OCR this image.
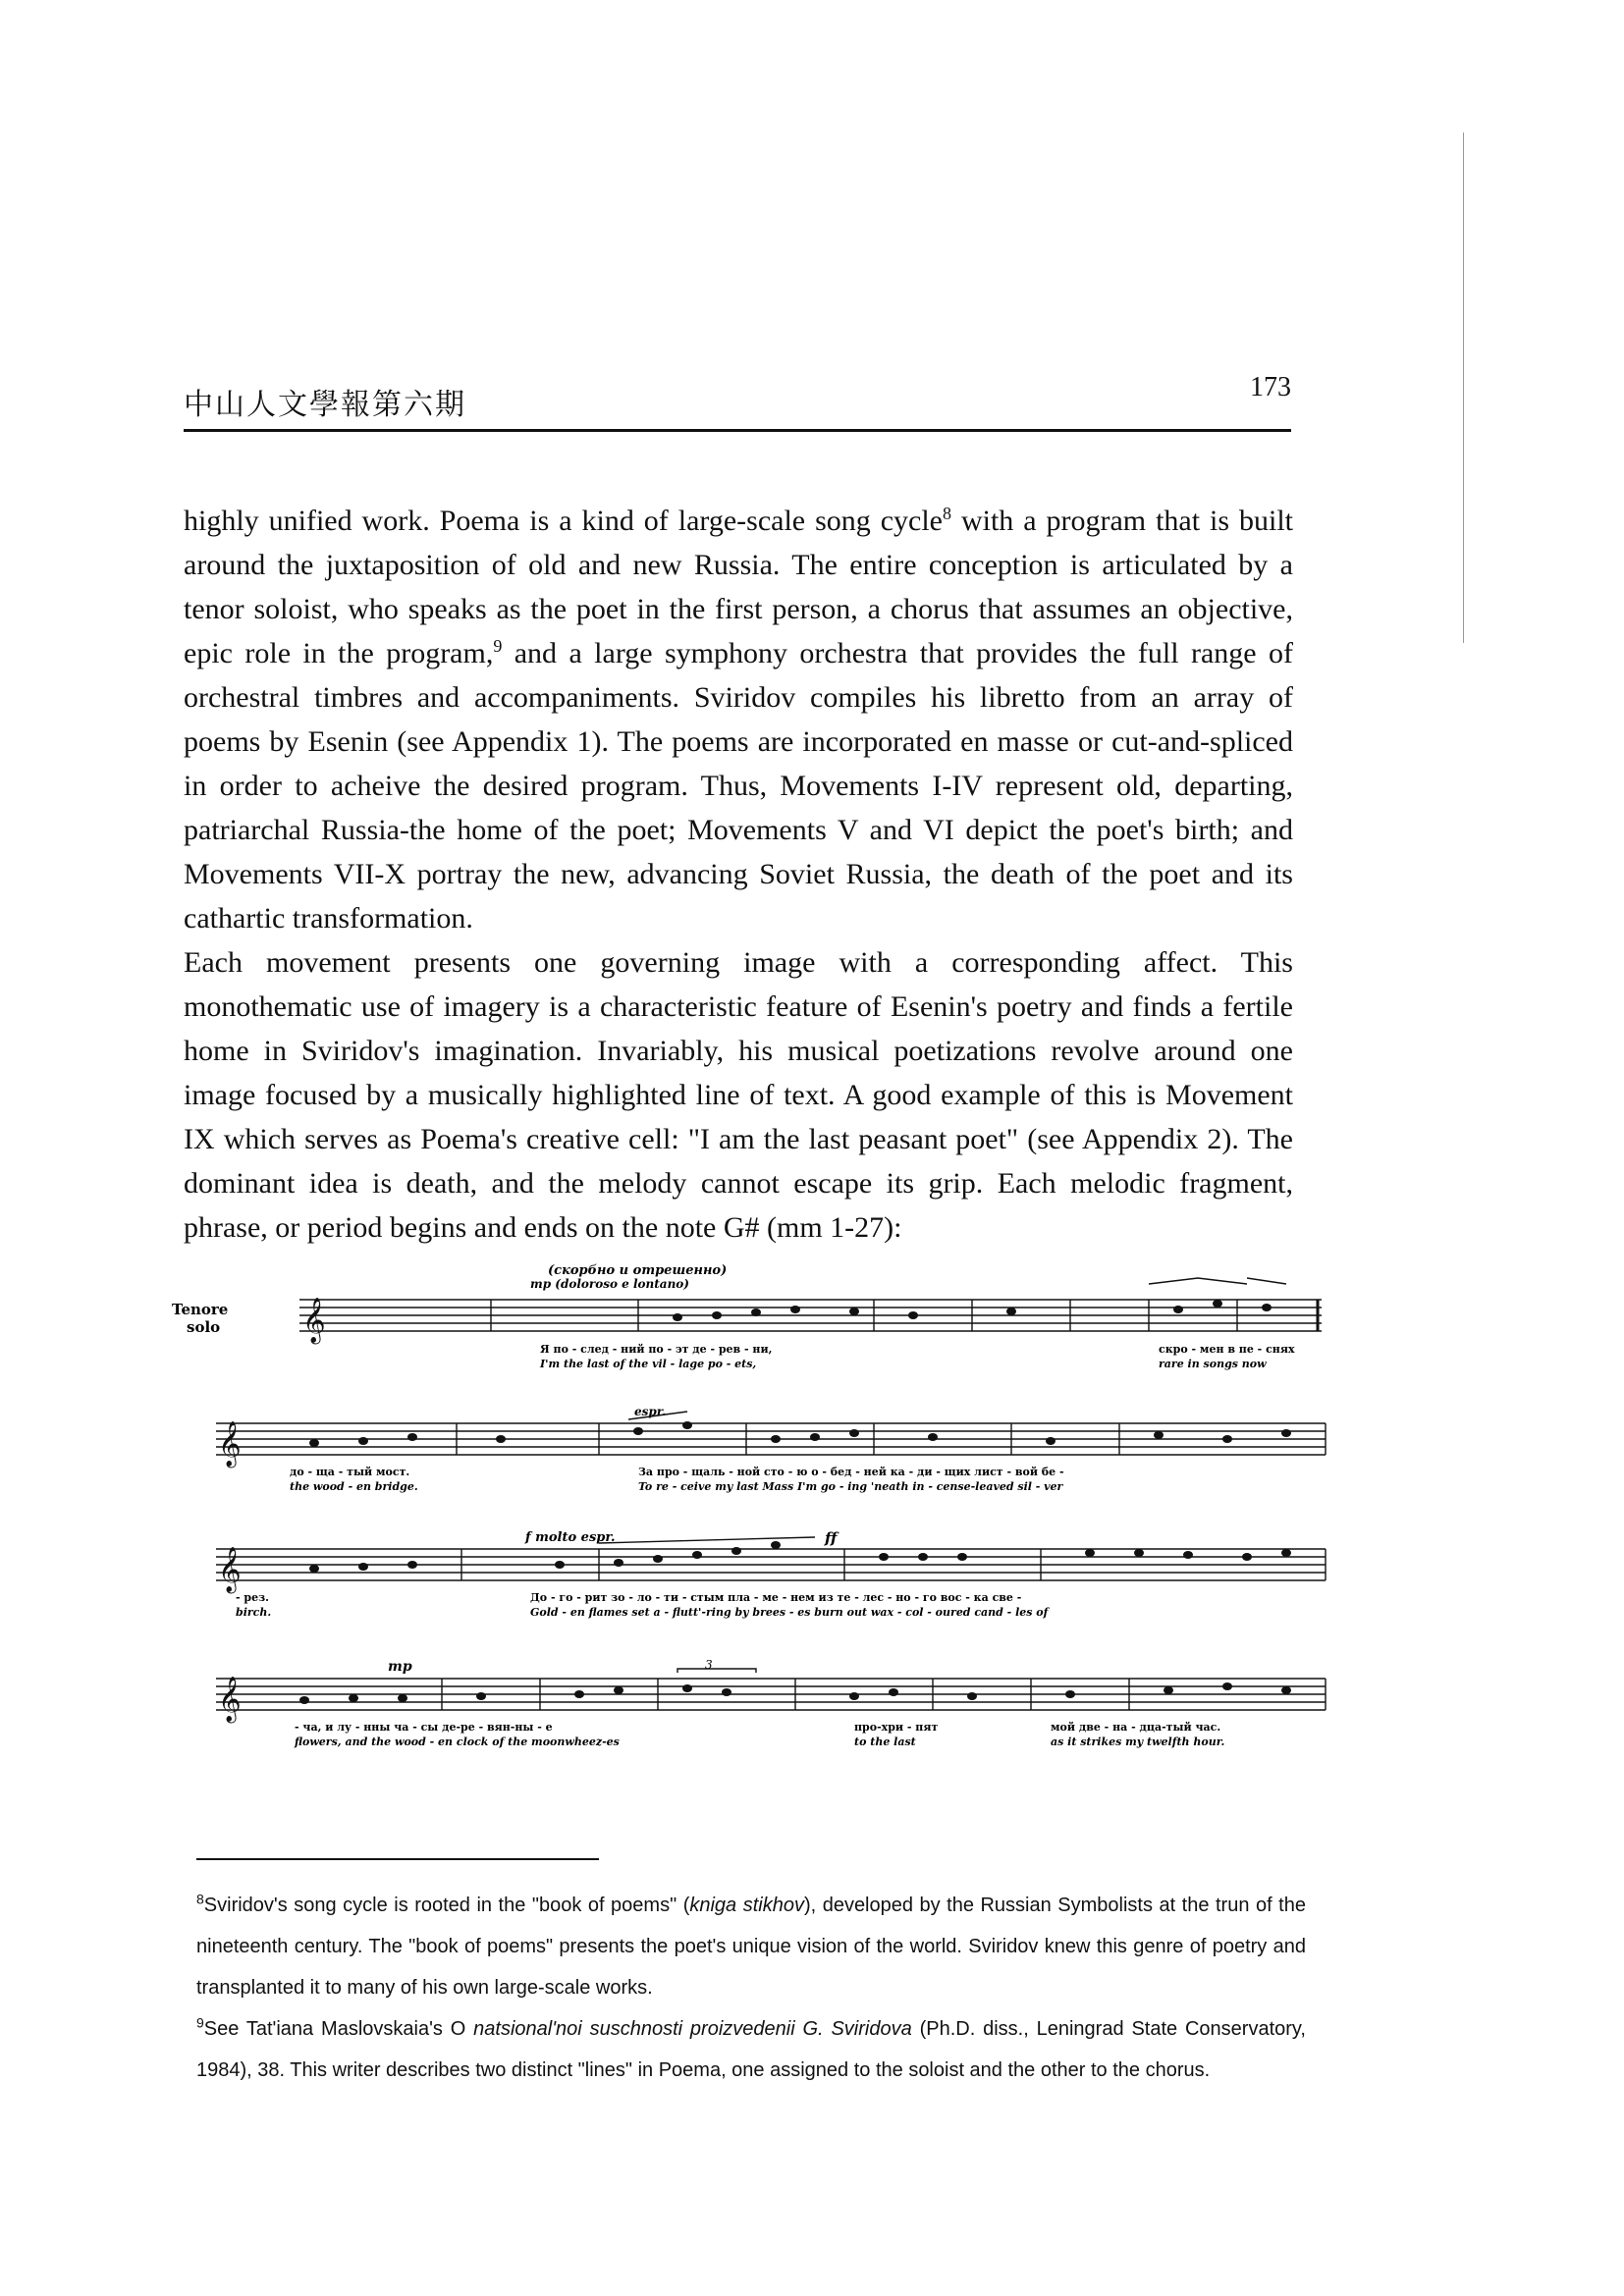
中山人文學報第六期
173

highly unified work. Poema is a kind of large-scale song cycle$^8$ with a program that is built around the juxtaposition of old and new Russia. The entire conception is articulated by a tenor soloist, who speaks as the poet in the first person, a chorus that assumes an objective, epic role in the program,$^9$ and a large symphony orchestra that provides the full range of orchestral timbres and accompaniments. Sviridov compiles his libretto from an array of poems by Esenin (see Appendix 1). The poems are incorporated en masse or cut-and-spliced in order to acheive the desired program. Thus, Movements I-IV represent old, departing, patriarchal Russia-the home of the poet; Movements V and VI depict the poet's birth; and Movements VII-X portray the new, advancing Soviet Russia, the death of the poet and its cathartic transformation.

Each movement presents one governing image with a corresponding affect. This monothematic use of imagery is a characteristic feature of Esenin's poetry and finds a fertile home in Sviridov's imagination. Invariably, his musical poetizations revolve around one image focused by a musically highlighted line of text. A good example of this is Movement IX which serves as Poema's creative cell: "I am the last peasant poet" (see Appendix 2). The dominant idea is death, and the melody cannot escape its grip. Each melodic fragment, phrase, or period begins and ends on the note G# (mm 1-27):

Tenore
solo
(скорбно и отрешенно)
mp (doloroso e lontano)
espr.
f molto espr.	ff
mp	3
𝄞
Я по - след - ний по - эт де - рев - ни,
I'm the last of the vil - lage po - ets,
скро - мен в пе - снях
rare in songs now
𝄞
до - ща - тый мост.
the wood - en bridge.
За про - щаль - ной сто - ю о - бед - ней кa - ди - щих лист - вой бе -
To re - ceive my last Mass I'm go - ing 'neath in - cense-leaved sil - ver
𝄞
- рез.
birch.
До - го - рит зо - ло - ти - стым пла - ме - нем из те - лес - но - го вос - ка све -
Gold - en flames set a - flutt'-ring by brees - es burn out wax - col - oured cand - les of
𝄞
- ча, и лу - нны ча - сы де-ре - вян-ны - е
flowers, and the wood - en clock of the moonwheez-es
про-хри - пят
to the last
мой две - на - дца-тый час.
as it strikes my twelfth hour.

$^8$Sviridov's song cycle is rooted in the "book of poems" (kniga stikhov), developed by the Russian Symbolists at the trun of the nineteenth century. The "book of poems" presents the poet's unique vision of the world. Sviridov knew this genre of poetry and transplanted it to many of his own large-scale works.

$^9$See Tat'iana Maslovskaia's O natsional'noi suschnosti proizvedenii G. Sviridova (Ph.D. diss., Leningrad State Conservatory, 1984), 38. This writer describes two distinct "lines" in Poema, one assigned to the soloist and the other to the chorus.
